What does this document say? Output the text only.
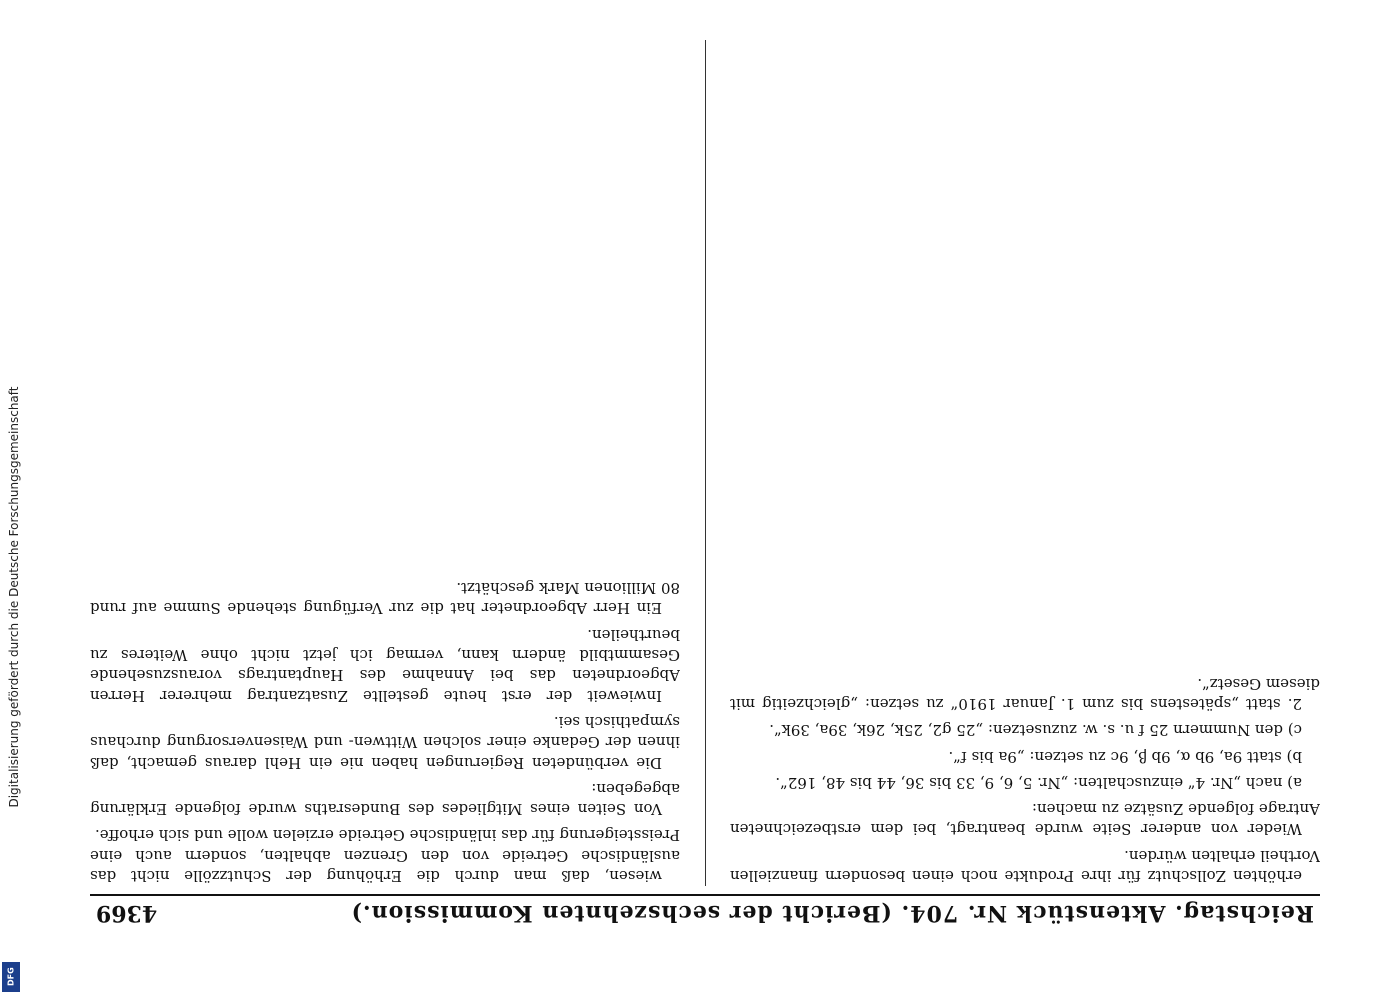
Reichstag. Aktenstück Nr. 704. (Bericht der sechszehnten Kommission.)
4369

erhöhten Zollschutz für ihre Produkte noch einen besondern finanziellen Vortheil erhalten würden.

Wieder von anderer Seite wurde beantragt, bei dem erstbezeichneten Antrage folgende Zusätze zu machen:

a) nach „Nr. 4“ einzuschalten: „Nr. 5, 6, 9, 33 bis 36, 44 bis 48, 162“.

b) statt 9a, 9b α, 9b β, 9c zu setzen: „9a bis f“.

c) den Nummern 25 f u. s. w. zuzusetzen: „25 g2, 25k, 26k, 39a, 39k“.

2. statt „spätestens bis zum 1. Januar 1910“ zu setzen: „gleichzeitig mit diesem Gesetz“.

wiesen, daß man durch die Erhöhung der Schutzzölle nicht das ausländische Getreide von den Grenzen abhalten, sondern auch eine Preissteigerung für das inländische Getreide erzielen wolle und sich erhoffe.

Von Seiten eines Mitgliedes des Bundesraths wurde folgende Erklärung abgegeben:

Die verbündeten Regierungen haben nie ein Hehl daraus gemacht, daß ihnen der Gedanke einer solchen Wittwen- und Waisenversorgung durchaus sympathisch sei.

Inwieweit der erst heute gestellte Zusatzantrag mehrerer Herren Abgeordneten das bei Annahme des Hauptantrags vorauszusehende Gesammtbild ändern kann, vermag ich jetzt nicht ohne Weiteres zu beurtheilen.

Ein Herr Abgeordneter hat die zur Verfügung stehende Summe auf rund 80 Millionen Mark geschätzt.

Digitalisierung gefördert durch die Deutsche Forschungsgemeinschaft
DFG
